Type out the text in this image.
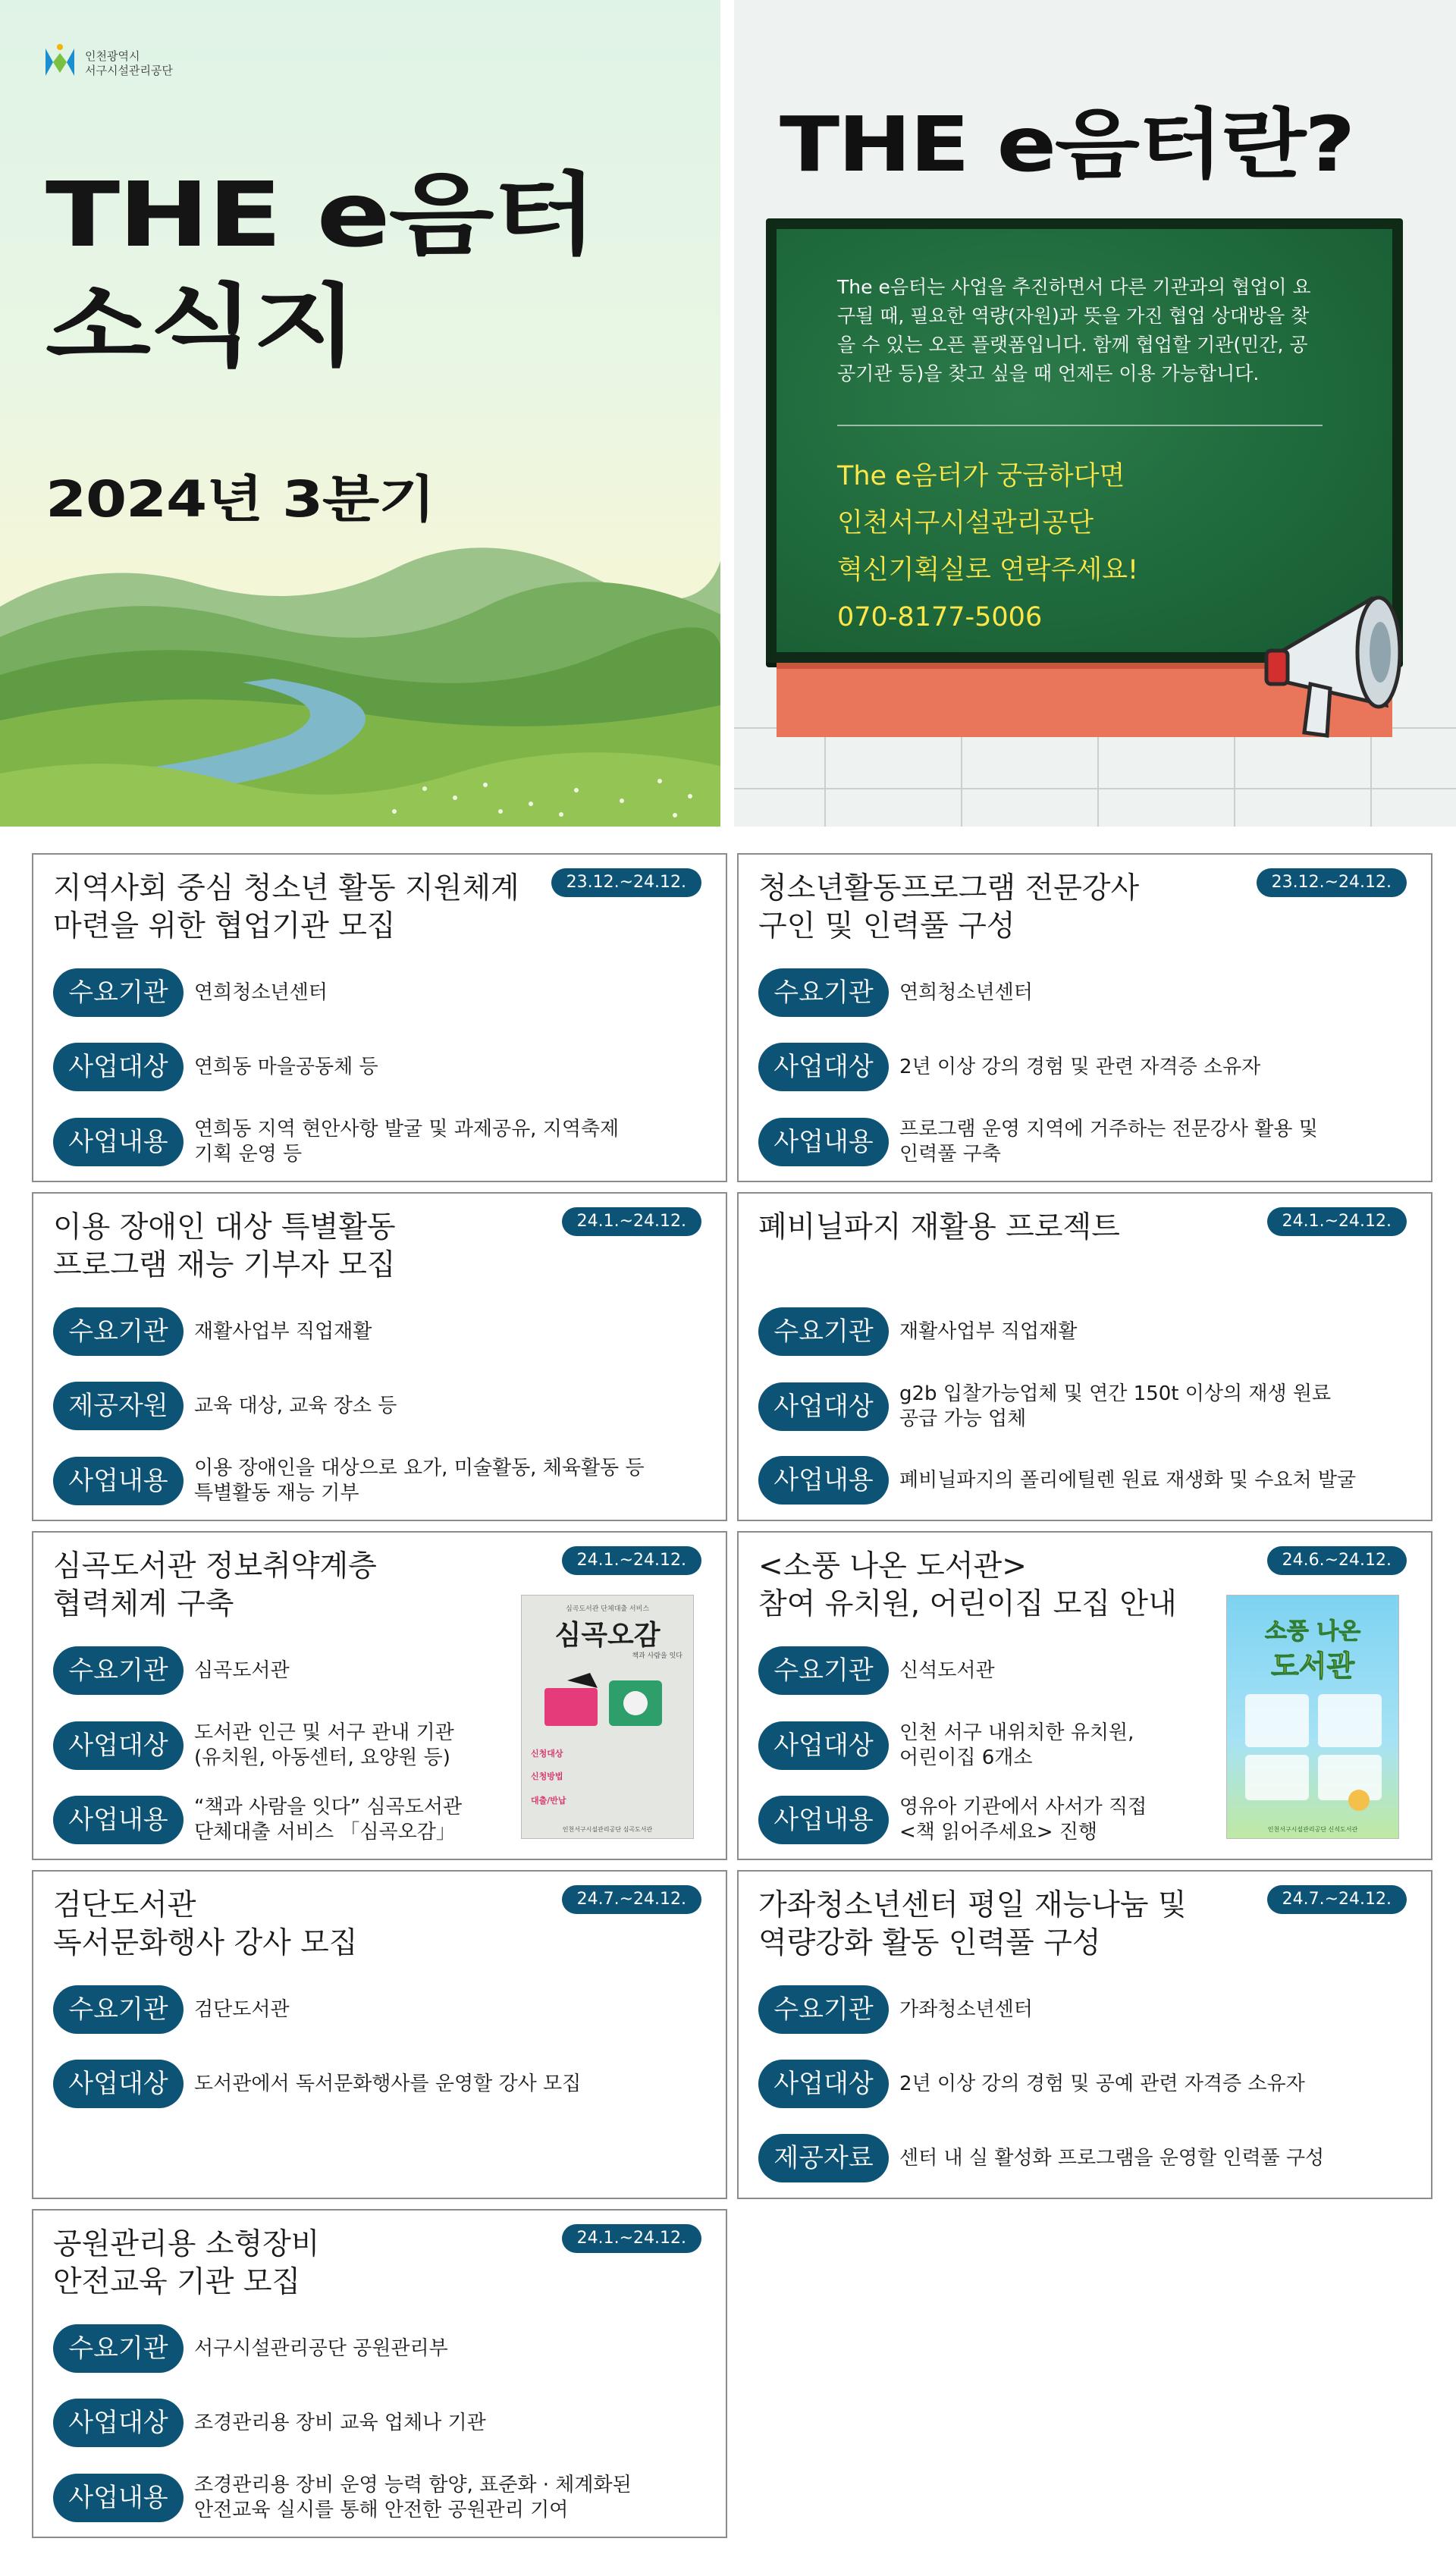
인천광역시
서구시설관리공단
THE e음터
소식지
2024년 3분기
THE e음터란?
The e음터는 사업을 추진하면서 다른 기관과의 협업이 요구될 때, 필요한 역량(자원)과 뜻을 가진 협업 상대방을 찾을 수 있는 오픈 플랫폼입니다. 함께 협업할 기관(민간, 공공기관 등)을 찾고 싶을 때 언제든 이용 가능합니다.
The e음터가 궁금하다면
인천서구시설관리공단
혁신기획실로 연락주세요!
070-8177-5006
지역사회 중심 청소년 활동 지원체계
마련을 위한 협업기관 모집
23.12.~24.12.
수요기관	연희청소년센터
사업대상	연희동 마을공동체 등
사업내용	연희동 지역 현안사항 발굴 및 과제공유, 지역축제
기획 운영 등
청소년활동프로그램 전문강사
구인 및 인력풀 구성
23.12.~24.12.
수요기관	연희청소년센터
사업대상	2년 이상 강의 경험 및 관련 자격증 소유자
사업내용	프로그램 운영 지역에 거주하는 전문강사 활용 및
인력풀 구축
이용 장애인 대상 특별활동
프로그램 재능 기부자 모집
24.1.~24.12.
수요기관	재활사업부 직업재활
제공자원	교육 대상, 교육 장소 등
사업내용	이용 장애인을 대상으로 요가, 미술활동, 체육활동 등
특별활동 재능 기부
폐비닐파지 재활용 프로젝트	24.1.~24.12.
수요기관	재활사업부 직업재활
사업대상	g2b 입찰가능업체 및 연간 150t 이상의 재생 원료
공급 가능 업체
사업내용	폐비닐파지의 폴리에틸렌 원료 재생화 및 수요처 발굴
심곡도서관 정보취약계층
협력체계 구축
24.1.~24.12.
수요기관	심곡도서관
사업대상	도서관 인근 및 서구 관내 기관
(유치원, 아동센터, 요양원 등)
사업내용	“책과 사람을 잇다” 심곡도서관
단체대출 서비스 「심곡오감」
심곡도서관 단체대출 서비스
심곡오감
책과 사람을 잇다
신청대상
신청방법
대출/반납
인천서구시설관리공단 심곡도서관
<소풍 나온 도서관>
참여 유치원, 어린이집 모집 안내
24.6.~24.12.
수요기관	신석도서관
사업대상	인천 서구 내위치한 유치원,
어린이집 6개소
사업내용	영유아 기관에서 사서가 직접
<책 읽어주세요> 진행
소풍 나온
도서관
인천서구시설관리공단 신석도서관
검단도서관
독서문화행사 강사 모집
24.7.~24.12.
수요기관	검단도서관
사업대상	도서관에서 독서문화행사를 운영할 강사 모집
가좌청소년센터 평일 재능나눔 및
역량강화 활동 인력풀 구성
24.7.~24.12.
수요기관	가좌청소년센터
사업대상	2년 이상 강의 경험 및 공예 관련 자격증 소유자
제공자료	센터 내 실 활성화 프로그램을 운영할 인력풀 구성
공원관리용 소형장비
안전교육 기관 모집
24.1.~24.12.
수요기관	서구시설관리공단 공원관리부
사업대상	조경관리용 장비 교육 업체나 기관
사업내용	조경관리용 장비 운영 능력 함양, 표준화 · 체계화된
안전교육 실시를 통해 안전한 공원관리 기여
